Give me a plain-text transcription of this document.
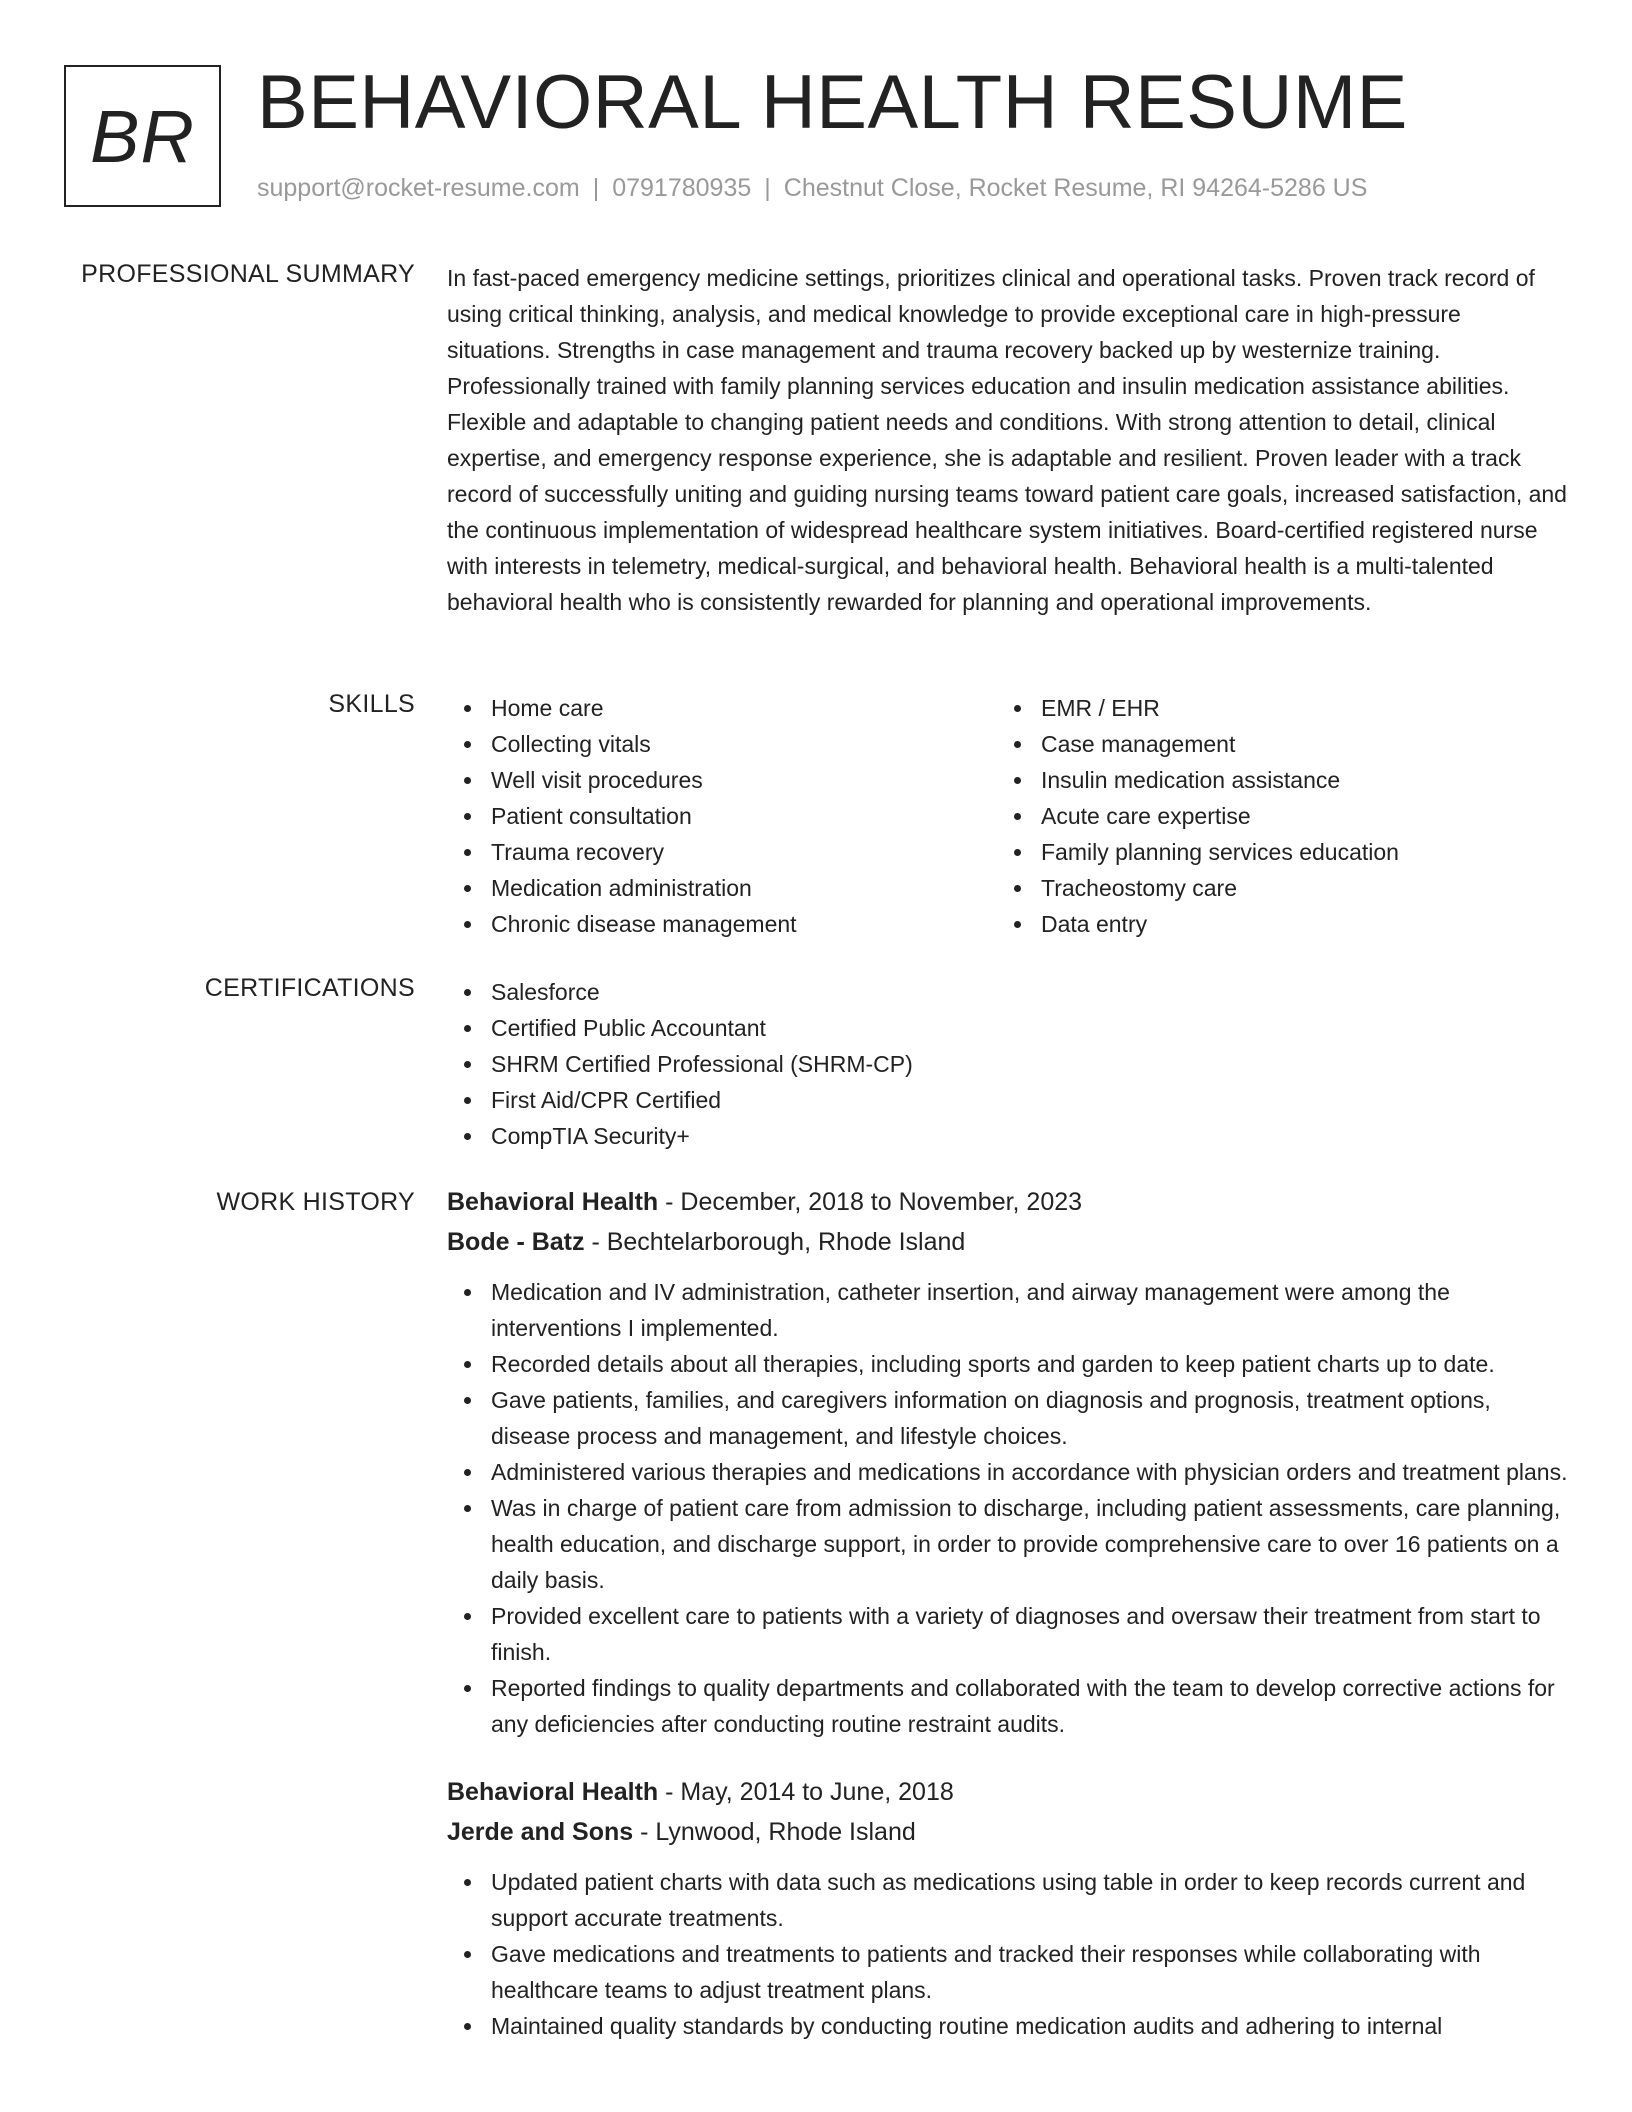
BR BEHAVIORAL HEALTH RESUME
support@rocket-resume.com | 0791780935 | Chestnut Close, Rocket Resume, RI 94264-5286 US
PROFESSIONAL SUMMARY In fast-paced emergency medicine settings, prioritizes clinical and operational tasks. Proven track record of using critical thinking, analysis, and medical knowledge to provide exceptional care in high-pressure situations. Strengths in case management and trauma recovery backed up by westernize training. Professionally trained with family planning services education and insulin medication assistance abilities. Flexible and adaptable to changing patient needs and conditions. With strong attention to detail, clinical expertise, and emergency response experience, she is adaptable and resilient. Proven leader with a track record of successfully uniting and guiding nursing teams toward patient care goals, increased satisfaction, and the continuous implementation of widespread healthcare system initiatives. Board-certified registered nurse with interests in telemetry, medical-surgical, and behavioral health. Behavioral health is a multi-talented behavioral health who is consistently rewarded for planning and operational improvements.

SKILLS	Home care
Collecting vitals
Well visit procedures
Patient consultation
Trauma recovery
Medication administration
Chronic disease management
EMR / EHR
Case management
Insulin medication assistance
Acute care expertise
Family planning services education
Tracheostomy care
Data entry
CERTIFICATIONS	Salesforce
Certified Public Accountant
SHRM Certified Professional (SHRM-CP)
First Aid/CPR Certified
CompTIA Security+
WORK HISTORY Behavioral Health - December, 2018 to November, 2023
Bode - Batz - Bechtelarborough, Rhode Island
Medication and IV administration, catheter insertion, and airway management were among the interventions I implemented.
Recorded details about all therapies, including sports and garden to keep patient charts up to date.
Gave patients, families, and caregivers information on diagnosis and prognosis, treatment options, disease process and management, and lifestyle choices.
Administered various therapies and medications in accordance with physician orders and treatment plans.
Was in charge of patient care from admission to discharge, including patient assessments, care planning, health education, and discharge support, in order to provide comprehensive care to over 16 patients on a daily basis.
Provided excellent care to patients with a variety of diagnoses and oversaw their treatment from start to finish.
Reported findings to quality departments and collaborated with the team to develop corrective actions for any deficiencies after conducting routine restraint audits.
Behavioral Health - May, 2014 to June, 2018
Jerde and Sons - Lynwood, Rhode Island
Updated patient charts with data such as medications using table in order to keep records current and support accurate treatments.
Gave medications and treatments to patients and tracked their responses while collaborating with healthcare teams to adjust treatment plans.
Maintained quality standards by conducting routine medication audits and adhering to internal
